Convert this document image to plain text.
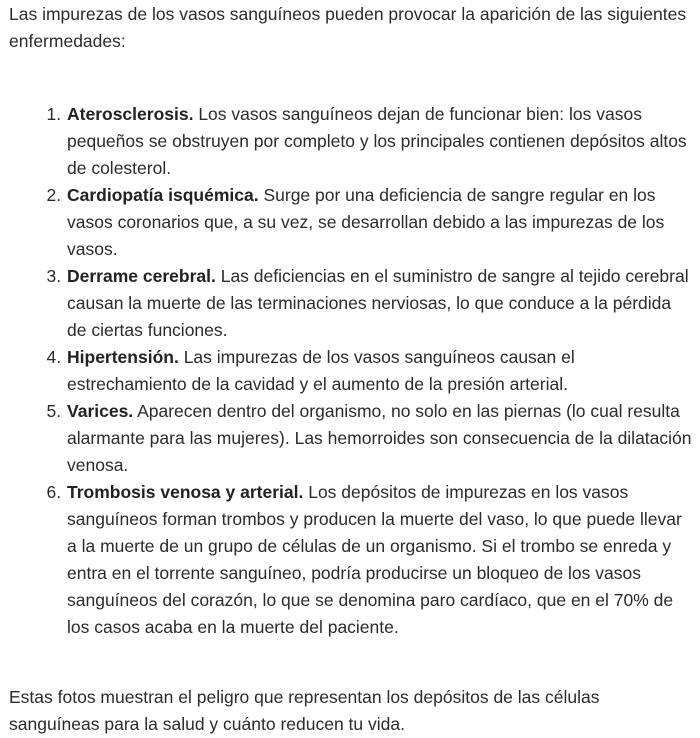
Las impurezas de los vasos sanguíneos pueden provocar la aparición de las siguientes enfermedades:

1. Aterosclerosis. Los vasos sanguíneos dejan de funcionar bien: los vasos pequeños se obstruyen por completo y los principales contienen depósitos altos de colesterol.
2. Cardiopatía isquémica. Surge por una deficiencia de sangre regular en los vasos coronarios que, a su vez, se desarrollan debido a las impurezas de los vasos.
3. Derrame cerebral. Las deficiencias en el suministro de sangre al tejido cerebral causan la muerte de las terminaciones nerviosas, lo que conduce a la pérdida de ciertas funciones.
4. Hipertensión. Las impurezas de los vasos sanguíneos causan el estrechamiento de la cavidad y el aumento de la presión arterial.
5. Varices. Aparecen dentro del organismo, no solo en las piernas (lo cual resulta alarmante para las mujeres). Las hemorroides son consecuencia de la dilatación venosa.
6. Trombosis venosa y arterial. Los depósitos de impurezas en los vasos sanguíneos forman trombos y producen la muerte del vaso, lo que puede llevar a la muerte de un grupo de células de un organismo. Si el trombo se enreda y entra en el torrente sanguíneo, podría producirse un bloqueo de los vasos sanguíneos del corazón, lo que se denomina paro cardíaco, que en el 70% de los casos acaba en la muerte del paciente.

Estas fotos muestran el peligro que representan los depósitos de las células sanguíneas para la salud y cuánto reducen tu vida.
